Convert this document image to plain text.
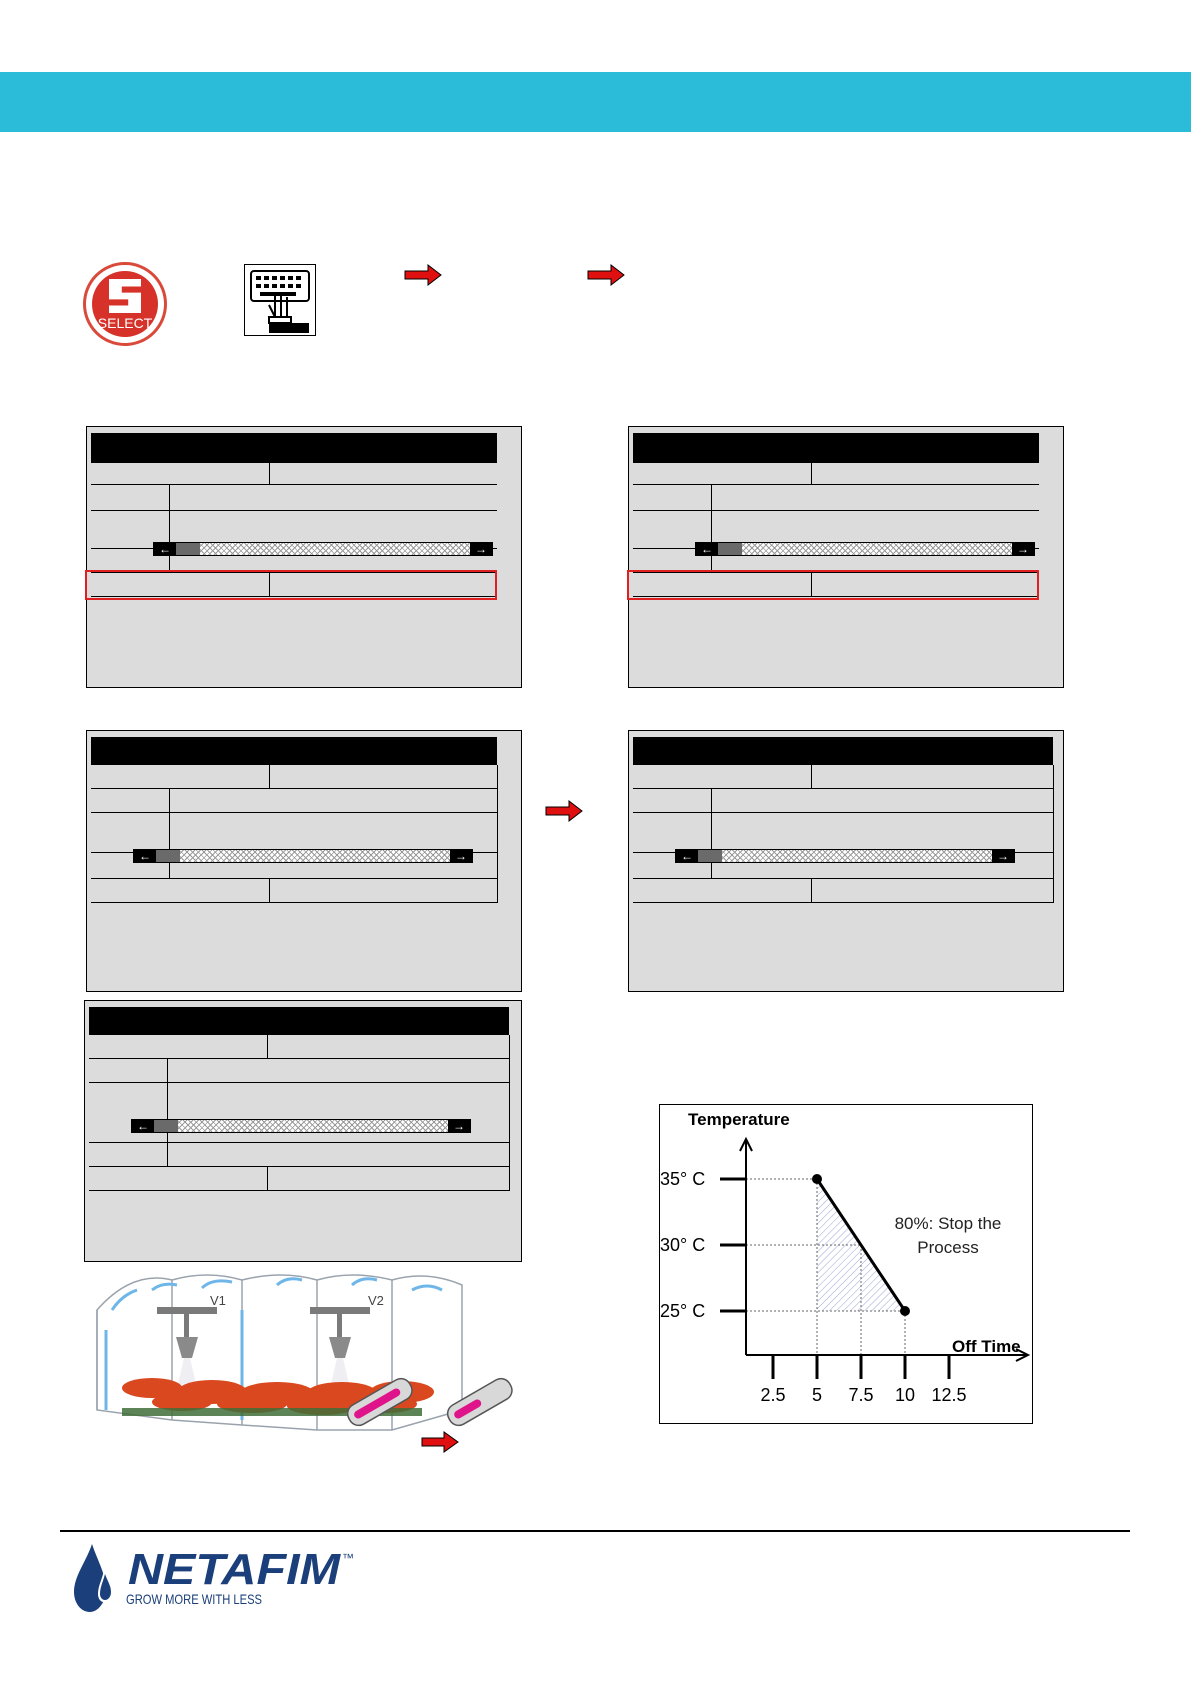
SELECT
←	→	←	→
←	→	←	→
←	→
V1	V2
35° C
30° C
25° C
2.5 5 7.5 10 12.5
Temperature
Off Time
80%: Stop the
Process
NETAFIM ™
GROW MORE WITH LESS
